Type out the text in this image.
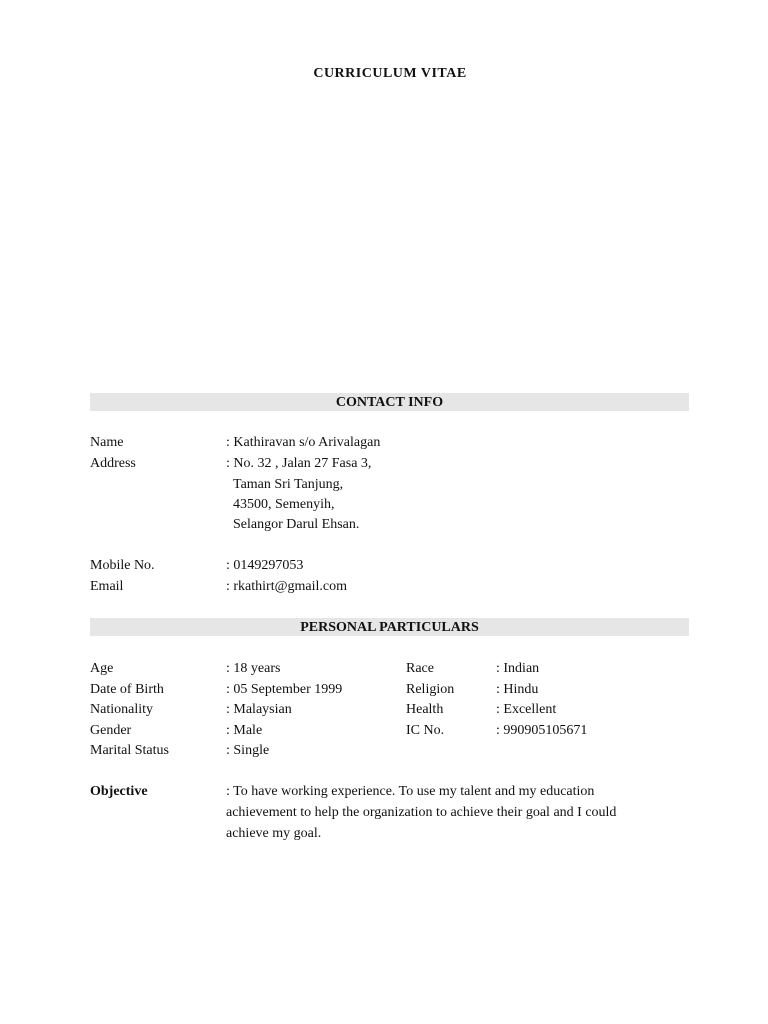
CURRICULUM VITAE
CONTACT INFO
Name	: Kathiravan s/o Arivalagan
Address	: No. 32 , Jalan 27 Fasa 3,
Taman Sri Tanjung,
43500, Semenyih,
Selangor Darul Ehsan.
Mobile No.	: 0149297053
Email	: rkathirt@gmail.com
PERSONAL PARTICULARS
Age	: 18 years	Race	: Indian
Date of Birth	: 05 September 1999	Religion	: Hindu
Nationality	: Malaysian	Health	: Excellent
Gender	: Male	IC No.	: 990905105671
Marital Status	: Single
Objective	: To have working experience. To use my talent and my education
achievement to help the organization to achieve their goal and I could
achieve my goal.
